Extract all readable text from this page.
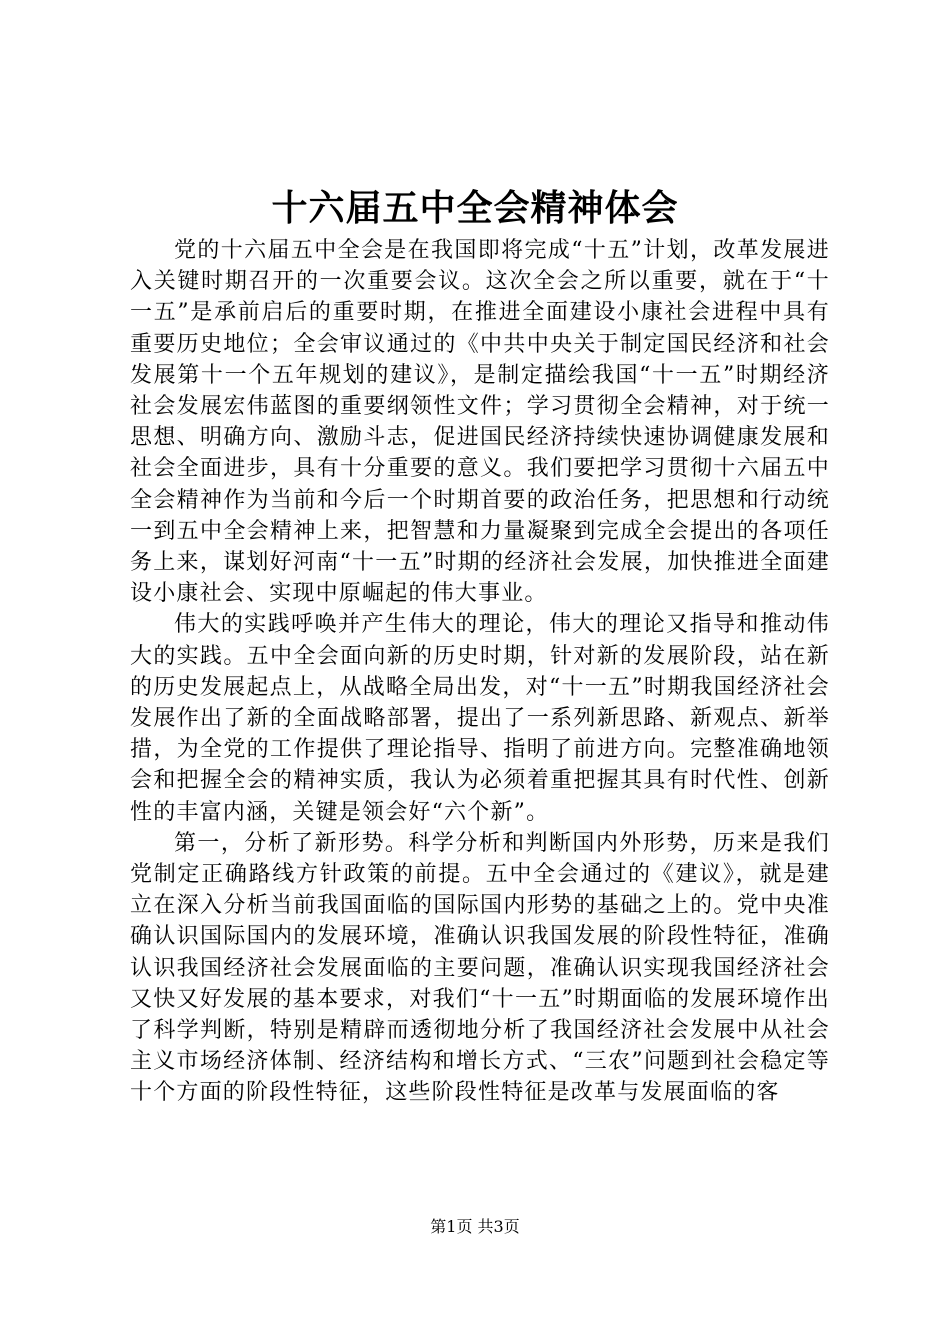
十六届五中全会精神体会

党的十六届五中全会是在我国即将完成“十五”计划，改革发展进入关键时期召开的一次重要会议。这次全会之所以重要，就在于“十一五”是承前启后的重要时期，在推进全面建设小康社会进程中具有重要历史地位；全会审议通过的《中共中央关于制定国民经济和社会发展第十一个五年规划的建议》，是制定描绘我国“十一五”时期经济社会发展宏伟蓝图的重要纲领性文件；学习贯彻全会精神，对于统一思想、明确方向、激励斗志，促进国民经济持续快速协调健康发展和社会全面进步，具有十分重要的意义。我们要把学习贯彻十六届五中全会精神作为当前和今后一个时期首要的政治任务，把思想和行动统一到五中全会精神上来，把智慧和力量凝聚到完成全会提出的各项任务上来，谋划好河南“十一五”时期的经济社会发展，加快推进全面建设小康社会、实现中原崛起的伟大事业。

伟大的实践呼唤并产生伟大的理论，伟大的理论又指导和推动伟大的实践。五中全会面向新的历史时期，针对新的发展阶段，站在新的历史发展起点上，从战略全局出发，对“十一五”时期我国经济社会发展作出了新的全面战略部署，提出了一系列新思路、新观点、新举措，为全党的工作提供了理论指导、指明了前进方向。完整准确地领会和把握全会的精神实质，我认为必须着重把握其具有时代性、创新性的丰富内涵，关键是领会好“六个新”。

第一，分析了新形势。科学分析和判断国内外形势，历来是我们党制定正确路线方针政策的前提。五中全会通过的《建议》，就是建立在深入分析当前我国面临的国际国内形势的基础之上的。党中央准确认识国际国内的发展环境，准确认识我国发展的阶段性特征，准确认识我国经济社会发展面临的主要问题，准确认识实现我国经济社会又快又好发展的基本要求，对我们“十一五”时期面临的发展环境作出了科学判断，特别是精辟而透彻地分析了我国经济社会发展中从社会主义市场经济体制、经济结构和增长方式、“三农”问题到社会稳定等十个方面的阶段性特征，这些阶段性特征是改革与发展面临的客

第1页 共3页
